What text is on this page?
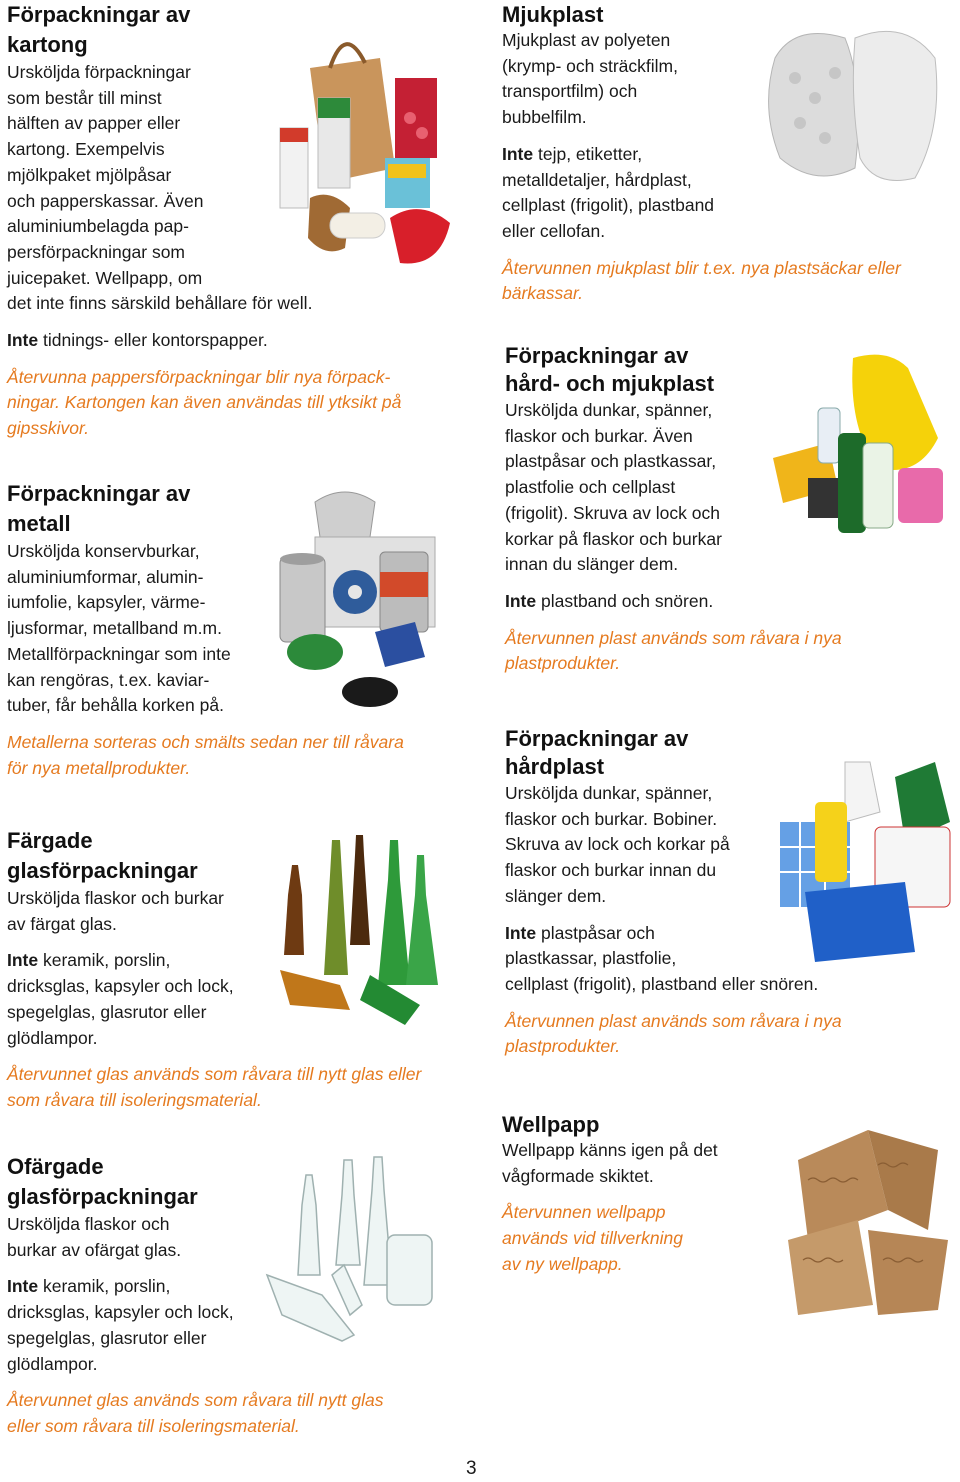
Förpackningar av
kartong
Ursköljda förpackningar
som består till minst
hälften av papper eller
kartong. Exempelvis
mjölkpaket mjölpåsar
och papperskassar. Även
aluminiumbelagda pap-
persförpackningar som
juicepaket. Wellpapp, om
det inte finns särskild behållare för well.
Inte tidnings- eller kontorspapper.
Återvunna pappersförpackningar blir nya förpack-
ningar. Kartongen kan även användas till ytksikt på
gipsskivor.
Förpackningar av
metall
Ursköljda konservburkar,
aluminiumformar, alumin-
iumfolie, kapsyler, värme-
ljusformar, metallband m.m.
Metallförpackningar som inte
kan rengöras, t.ex. kaviar-
tuber, får behålla korken på.
Metallerna sorteras och smälts sedan ner till råvara
för nya metallprodukter.
Färgade
glasförpackningar
Ursköljda flaskor och burkar
av färgat glas.
Inte keramik, porslin,
dricksglas, kapsyler och lock,
spegelglas, glasrutor eller
glödlampor.
Återvunnet glas används som råvara till nytt glas eller
som råvara till isoleringsmaterial.
Ofärgade
glasförpackningar
Ursköljda flaskor och
burkar av ofärgat glas.
Inte keramik, porslin,
dricksglas, kapsyler och lock,
spegelglas, glasrutor eller
glödlampor.
Återvunnet glas används som råvara till nytt glas
eller som råvara till isoleringsmaterial.
Mjukplast
Mjukplast av polyeten
(krymp- och sträckfilm,
transportfilm) och
bubbelfilm.
Inte tejp, etiketter,
metalldetaljer, hårdplast,
cellplast (frigolit), plastband
eller cellofan.
Återvunnen mjukplast blir t.ex. nya plastsäckar eller
bärkassar.
Förpackningar av
hård- och mjukplast
Ursköljda dunkar, spänner,
flaskor och burkar. Även
plastpåsar och plastkassar,
plastfolie och cellplast
(frigolit). Skruva av lock och
korkar på flaskor och burkar
innan du slänger dem.
Inte plastband och snören.
Återvunnen plast används som råvara i nya
plastprodukter.
Förpackningar av
hårdplast
Ursköljda dunkar, spänner,
flaskor och burkar. Bobiner.
Skruva av lock och korkar på
flaskor och burkar innan du
slänger dem.
Inte plastpåsar och
plastkassar, plastfolie,
cellplast (frigolit), plastband eller snören.
Återvunnen plast används som råvara i nya
plastprodukter.
Wellpapp
Wellpapp känns igen på det
vågformade skiktet.
Återvunnen wellpapp
används vid tillverkning
av ny wellpapp.
3
